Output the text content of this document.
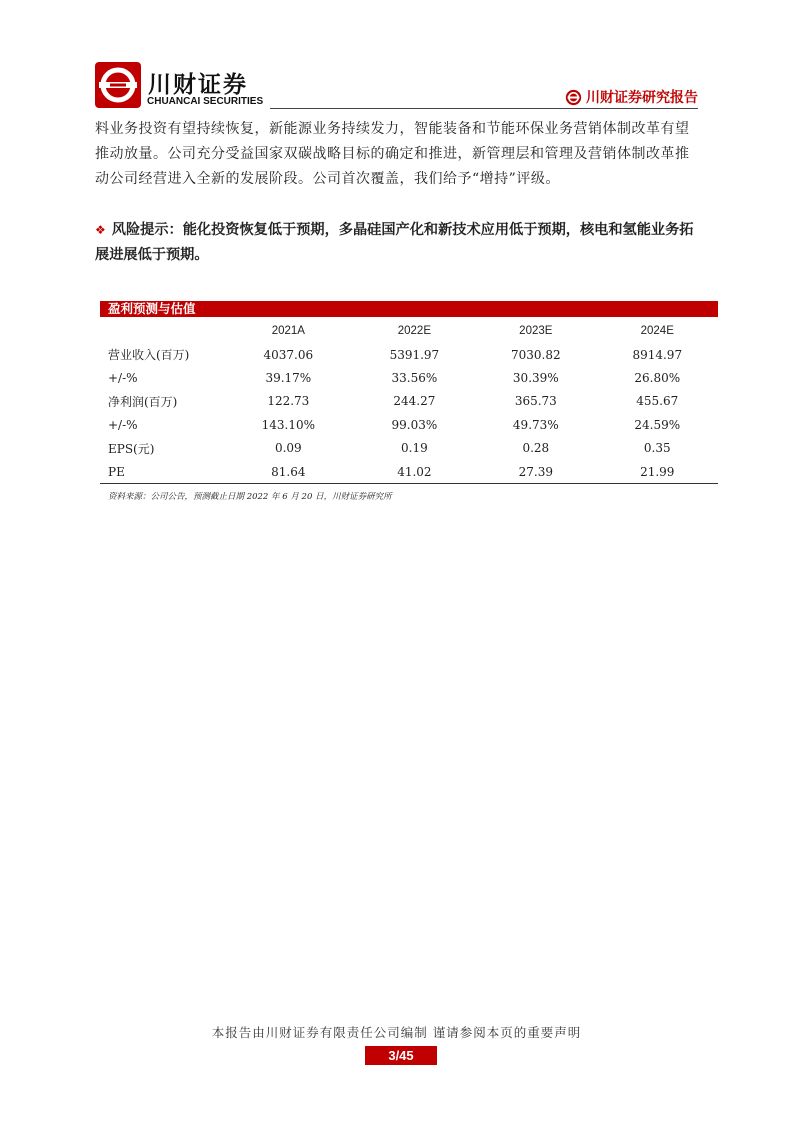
川财证券
CHUANCAI SECURITIES	川财证券研究报告
料业务投资有望持续恢复，新能源业务持续发力，智能装备和节能环保业务营销体制改革有望推动放量。公司充分受益国家双碳战略目标的确定和推进，新管理层和管理及营销体制改革推动公司经营进入全新的发展阶段。公司首次覆盖，我们给予“增持”评级。
❖ 风险提示：能化投资恢复低于预期，多晶硅国产化和新技术应用低于预期，核电和氢能业务拓展进展低于预期。
盈利预测与估值
	2021A	2022E	2023E	2024E
营业收入(百万)	4037.06	5391.97	7030.82	8914.97
+/-%	39.17%	33.56%	30.39%	26.80%
净利润(百万)	122.73	244.27	365.73	455.67
+/-%	143.10%	99.03%	49.73%	24.59%
EPS(元)	0.09	0.19	0.28	0.35
PE	81.64	41.02	27.39	21.99
资料来源：公司公告，预测截止日期 2022 年 6 月 20 日，川财证券研究所
本报告由川财证券有限责任公司编制 谨请参阅本页的重要声明
3/45
